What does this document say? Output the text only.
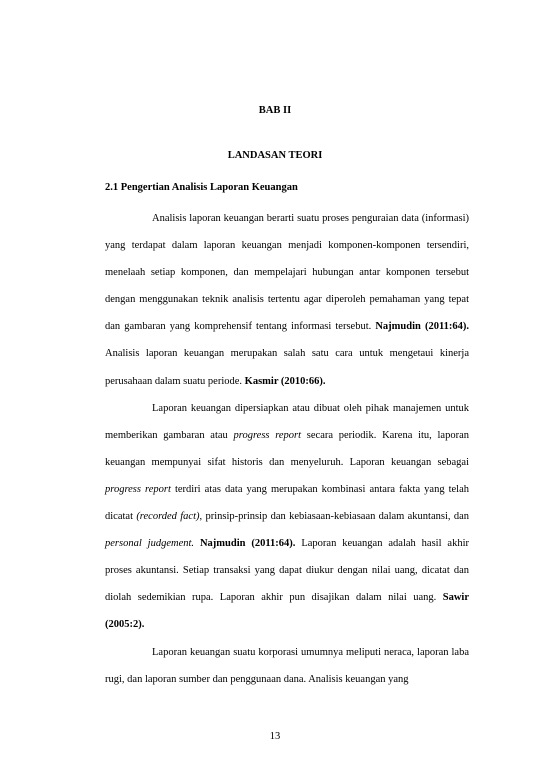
BAB II
LANDASAN TEORI
2.1 Pengertian Analisis Laporan Keuangan

Analisis laporan keuangan berarti suatu proses penguraian data (informasi) yang terdapat dalam laporan keuangan menjadi komponen-komponen tersendiri, menelaah setiap komponen, dan mempelajari hubungan antar komponen tersebut dengan menggunakan teknik analisis tertentu agar diperoleh pemahaman yang tepat dan gambaran yang komprehensif tentang informasi tersebut. Najmudin (2011:64). Analisis laporan keuangan merupakan salah satu cara untuk mengetaui kinerja perusahaan dalam suatu periode. Kasmir (2010:66).

Laporan keuangan dipersiapkan atau dibuat oleh pihak manajemen untuk memberikan gambaran atau progress report secara periodik. Karena itu, laporan keuangan mempunyai sifat historis dan menyeluruh. Laporan keuangan sebagai progress report terdiri atas data yang merupakan kombinasi antara fakta yang telah dicatat (recorded fact), prinsip-prinsip dan kebiasaan-kebiasaan dalam akuntansi, dan personal judgement. Najmudin (2011:64). Laporan keuangan adalah hasil akhir proses akuntansi. Setiap transaksi yang dapat diukur dengan nilai uang, dicatat dan diolah sedemikian rupa. Laporan akhir pun disajikan dalam nilai uang. Sawir (2005:2).

Laporan keuangan suatu korporasi umumnya meliputi neraca, laporan laba rugi, dan laporan sumber dan penggunaan dana. Analisis keuangan yang

13
